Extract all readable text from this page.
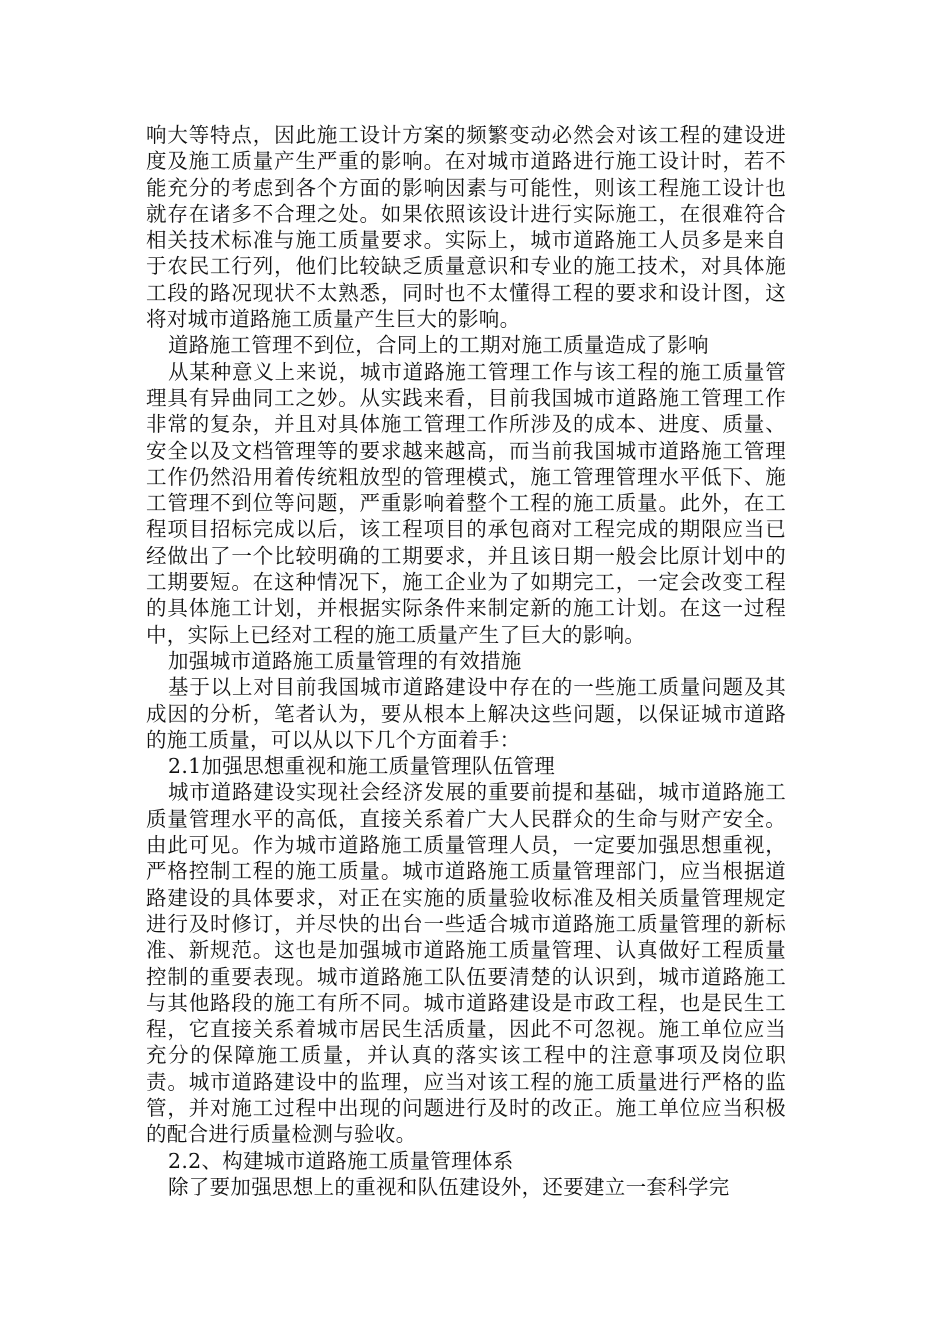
响大等特点，因此施工设计方案的频繁变动必然会对该工程的建设进度及施工质量产生严重的影响。在对城市道路进行施工设计时，若不能充分的考虑到各个方面的影响因素与可能性，则该工程施工设计也就存在诸多不合理之处。如果依照该设计进行实际施工，在很难符合相关技术标准与施工质量要求。实际上，城市道路施工人员多是来自于农民工行列，他们比较缺乏质量意识和专业的施工技术，对具体施工段的路况现状不太熟悉，同时也不太懂得工程的要求和设计图，这将对城市道路施工质量产生巨大的影响。

道路施工管理不到位，合同上的工期对施工质量造成了影响

从某种意义上来说，城市道路施工管理工作与该工程的施工质量管理具有异曲同工之妙。从实践来看，目前我国城市道路施工管理工作非常的复杂，并且对具体施工管理工作所涉及的成本、进度、质量、安全以及文档管理等的要求越来越高，而当前我国城市道路施工管理工作仍然沿用着传统粗放型的管理模式，施工管理管理水平低下、施工管理不到位等问题，严重影响着整个工程的施工质量。此外，在工程项目招标完成以后，该工程项目的承包商对工程完成的期限应当已经做出了一个比较明确的工期要求，并且该日期一般会比原计划中的工期要短。在这种情况下，施工企业为了如期完工，一定会改变工程的具体施工计划，并根据实际条件来制定新的施工计划。在这一过程中，实际上已经对工程的施工质量产生了巨大的影响。

加强城市道路施工质量管理的有效措施

基于以上对目前我国城市道路建设中存在的一些施工质量问题及其成因的分析，笔者认为，要从根本上解决这些问题，以保证城市道路的施工质量，可以从以下几个方面着手：

2.1加强思想重视和施工质量管理队伍管理

城市道路建设实现社会经济发展的重要前提和基础，城市道路施工质量管理水平的高低，直接关系着广大人民群众的生命与财产安全。由此可见。作为城市道路施工质量管理人员，一定要加强思想重视，严格控制工程的施工质量。城市道路施工质量管理部门，应当根据道路建设的具体要求，对正在实施的质量验收标准及相关质量管理规定进行及时修订，并尽快的出台一些适合城市道路施工质量管理的新标准、新规范。这也是加强城市道路施工质量管理、认真做好工程质量控制的重要表现。城市道路施工队伍要清楚的认识到，城市道路施工与其他路段的施工有所不同。城市道路建设是市政工程，也是民生工程，它直接关系着城市居民生活质量，因此不可忽视。施工单位应当充分的保障施工质量，并认真的落实该工程中的注意事项及岗位职责。城市道路建设中的监理，应当对该工程的施工质量进行严格的监管，并对施工过程中出现的问题进行及时的改正。施工单位应当积极的配合进行质量检测与验收。

2.2、构建城市道路施工质量管理体系

除了要加强思想上的重视和队伍建设外，还要建立一套科学完
